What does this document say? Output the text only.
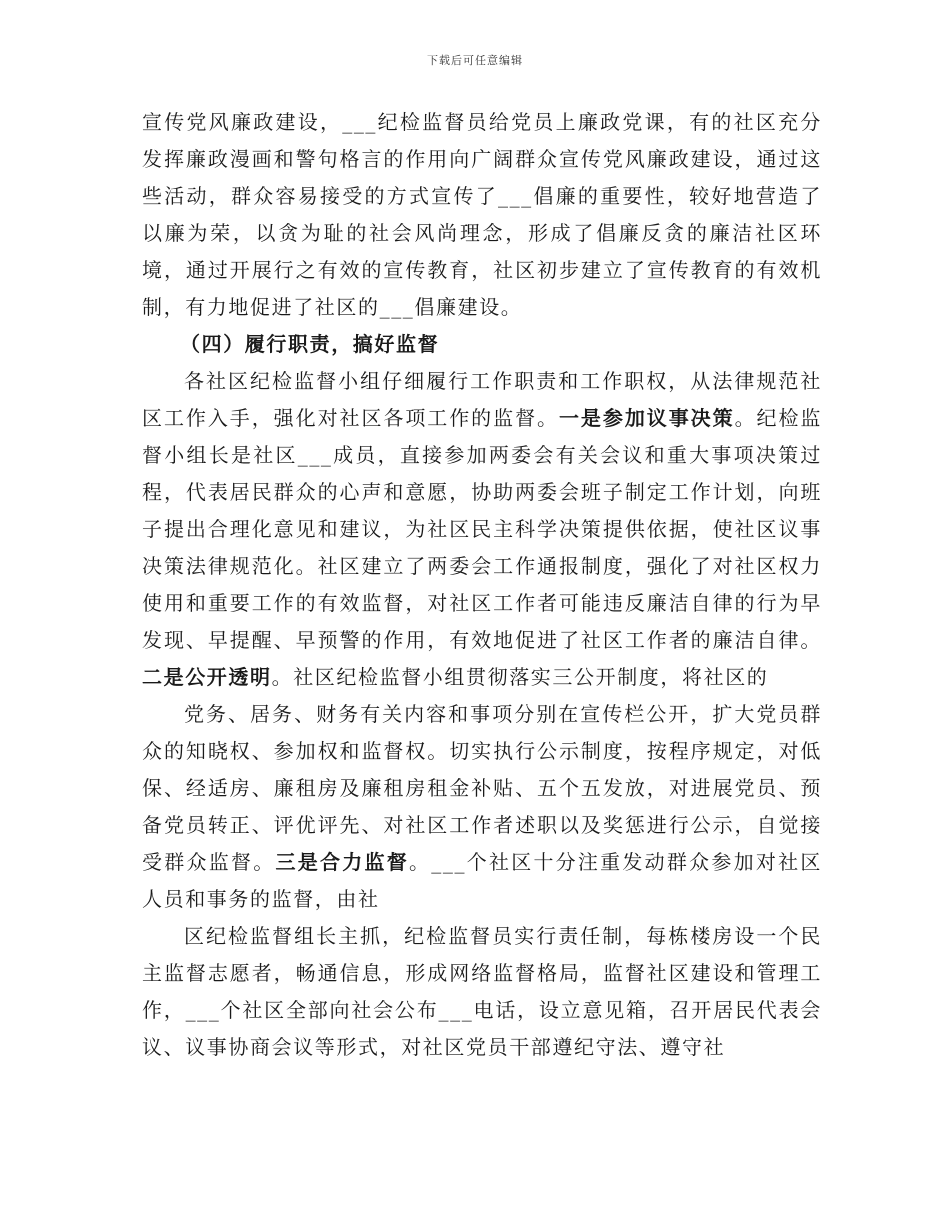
下载后可任意编辑

宣传党风廉政建设，___纪检监督员给党员上廉政党课，有的社区充分发挥廉政漫画和警句格言的作用向广阔群众宣传党风廉政建设，通过这些活动，群众容易接受的方式宣传了___倡廉的重要性，较好地营造了以廉为荣，以贪为耻的社会风尚理念，形成了倡廉反贪的廉洁社区环境，通过开展行之有效的宣传教育，社区初步建立了宣传教育的有效机制，有力地促进了社区的___倡廉建设。

（四）履行职责，搞好监督

各社区纪检监督小组仔细履行工作职责和工作职权，从法律规范社区工作入手，强化对社区各项工作的监督。一是参加议事决策。纪检监督小组长是社区___成员，直接参加两委会有关会议和重大事项决策过程，代表居民群众的心声和意愿，协助两委会班子制定工作计划，向班子提出合理化意见和建议，为社区民主科学决策提供依据，使社区议事决策法律规范化。社区建立了两委会工作通报制度，强化了对社区权力使用和重要工作的有效监督，对社区工作者可能违反廉洁自律的行为早发现、早提醒、早预警的作用，有效地促进了社区工作者的廉洁自律。二是公开透明。社区纪检监督小组贯彻落实三公开制度，将社区的

党务、居务、财务有关内容和事项分别在宣传栏公开，扩大党员群众的知晓权、参加权和监督权。切实执行公示制度，按程序规定，对低保、经适房、廉租房及廉租房租金补贴、五个五发放，对进展党员、预备党员转正、评优评先、对社区工作者述职以及奖惩进行公示，自觉接受群众监督。三是合力监督。___个社区十分注重发动群众参加对社区人员和事务的监督，由社

区纪检监督组长主抓，纪检监督员实行责任制，每栋楼房设一个民主监督志愿者，畅通信息，形成网络监督格局，监督社区建设和管理工作，___个社区全部向社会公布___电话，设立意见箱，召开居民代表会议、议事协商会议等形式，对社区党员干部遵纪守法、遵守社
